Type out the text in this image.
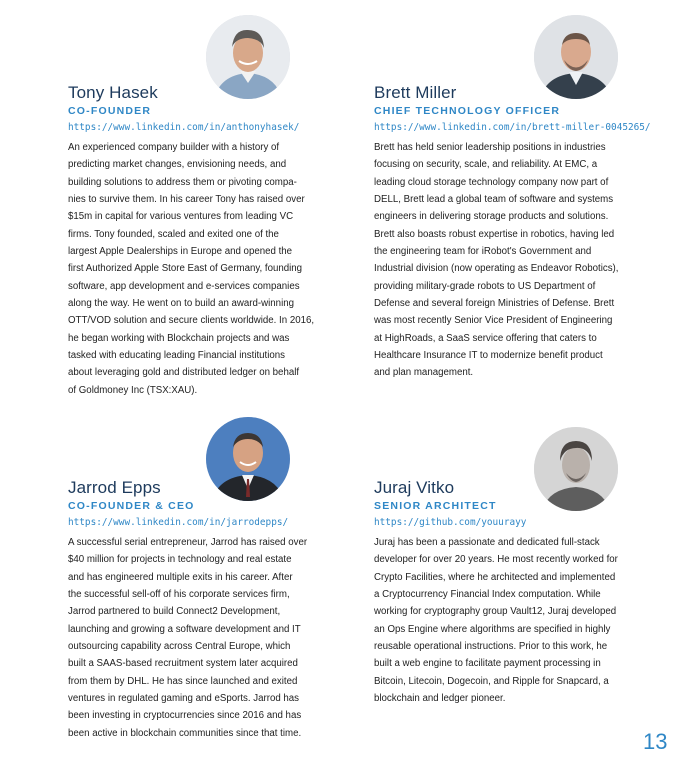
Tony Hasek
CO-FOUNDER
https://www.linkedin.com/in/anthonyhasek/

An experienced company builder with a history of
predicting market changes, envisioning needs, and
building solutions to address them or pivoting compa-
nies to survive them. In his career Tony has raised over
$15m in capital for various ventures from leading VC
firms. Tony founded, scaled and exited one of the
largest Apple Dealerships in Europe and opened the
first Authorized Apple Store East of Germany, founding
software, app development and e-services companies
along the way. He went on to build an award-winning
OTT/VOD solution and secure clients worldwide. In 2016,
he began working with Blockchain projects and was
tasked with educating leading Financial institutions
about leveraging gold and distributed ledger on behalf
of Goldmoney Inc (TSX:XAU).

Brett Miller
CHIEF TECHNOLOGY OFFICER
https://www.linkedin.com/in/brett-miller-0045265/

Brett has held senior leadership positions in industries
focusing on security, scale, and reliability. At EMC, a
leading cloud storage technology company now part of
DELL, Brett lead a global team of software and systems
engineers in delivering storage products and solutions.
Brett also boasts robust expertise in robotics, having led
the engineering team for iRobot's Government and
Industrial division (now operating as Endeavor Robotics),
providing military-grade robots to US Department of
Defense and several foreign Ministries of Defense. Brett
was most recently Senior Vice President of Engineering
at HighRoads, a SaaS service offering that caters to
Healthcare Insurance IT to modernize benefit product
and plan management.

Jarrod Epps
CO-FOUNDER & CEO
https://www.linkedin.com/in/jarrodepps/

A successful serial entrepreneur, Jarrod has raised over
$40 million for projects in technology and real estate
and has engineered multiple exits in his career. After
the successful sell-off of his corporate services firm,
Jarrod partnered to build Connect2 Development,
launching and growing a software development and IT
outsourcing capability across Central Europe, which
built a SAAS-based recruitment system later acquired
from them by DHL. He has since launched and exited
ventures in regulated gaming and eSports. Jarrod has
been investing in cryptocurrencies since 2016 and has
been active in blockchain communities since that time.

Juraj Vitko
SENIOR ARCHITECT
https://github.com/youurayy

Juraj has been a passionate and dedicated full-stack
developer for over 20 years. He most recently worked for
Crypto Facilities, where he architected and implemented
a Cryptocurrency Financial Index computation. While
working for cryptography group Vault12, Juraj developed
an Ops Engine where algorithms are specified in highly
reusable operational instructions. Prior to this work, he
built a web engine to facilitate payment processing in
Bitcoin, Litecoin, Dogecoin, and Ripple for Snapcard, a
blockchain and ledger pioneer.

13
